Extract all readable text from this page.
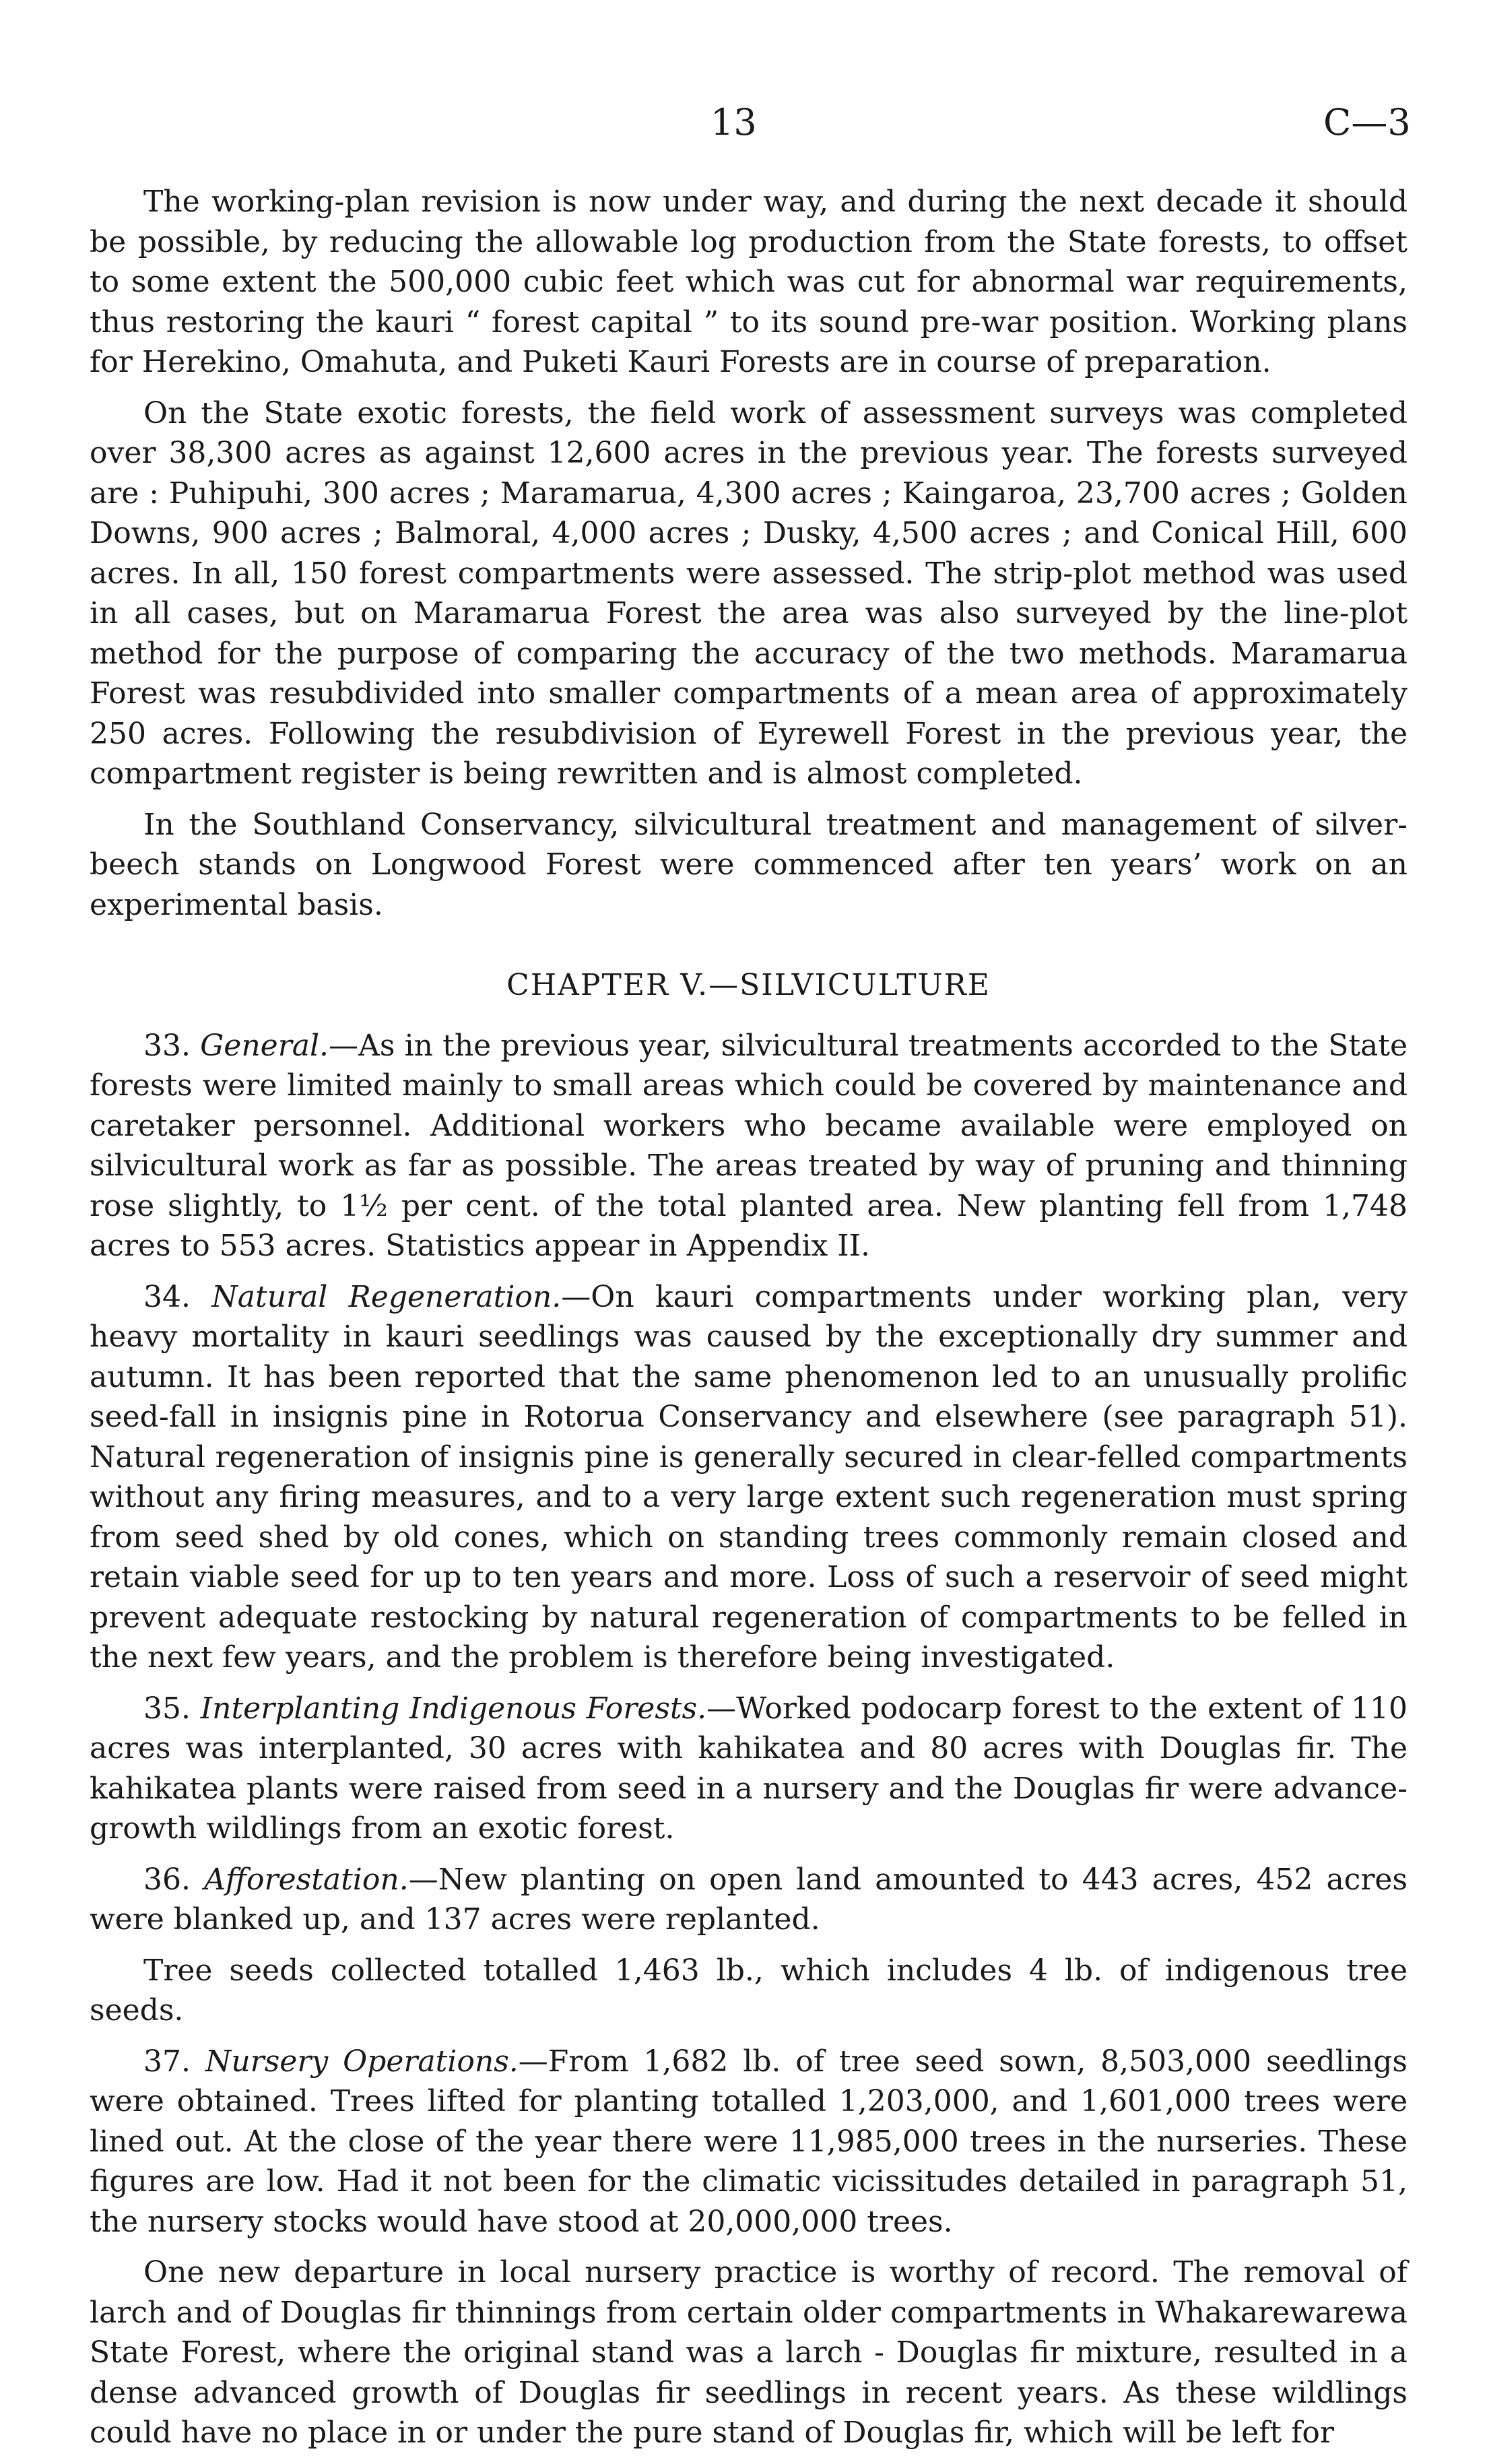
13	C—3

The working-plan revision is now under way, and during the next decade it should be possible, by reducing the allowable log production from the State forests, to offset to some extent the 500,000 cubic feet which was cut for abnormal war requirements, thus restoring the kauri “ forest capital ” to its sound pre-war position. Working plans for Herekino, Omahuta, and Puketi Kauri Forests are in course of preparation.

On the State exotic forests, the field work of assessment surveys was completed over 38,300 acres as against 12,600 acres in the previous year. The forests surveyed are : Puhipuhi, 300 acres ; Maramarua, 4,300 acres ; Kaingaroa, 23,700 acres ; Golden Downs, 900 acres ; Balmoral, 4,000 acres ; Dusky, 4,500 acres ; and Conical Hill, 600 acres. In all, 150 forest compartments were assessed. The strip-plot method was used in all cases, but on Maramarua Forest the area was also surveyed by the line-plot method for the purpose of comparing the accuracy of the two methods. Maramarua Forest was resubdivided into smaller compartments of a mean area of approximately 250 acres. Following the resubdivision of Eyrewell Forest in the previous year, the compartment register is being rewritten and is almost completed.

In the Southland Conservancy, silvicultural treatment and management of silver-beech stands on Longwood Forest were commenced after ten years’ work on an experimental basis.

CHAPTER V.—SILVICULTURE

33. General.—As in the previous year, silvicultural treatments accorded to the State forests were limited mainly to small areas which could be covered by maintenance and caretaker personnel. Additional workers who became available were employed on silvicultural work as far as possible. The areas treated by way of pruning and thinning rose slightly, to 1½ per cent. of the total planted area. New planting fell from 1,748 acres to 553 acres. Statistics appear in Appendix II.

34. Natural Regeneration.—On kauri compartments under working plan, very heavy mortality in kauri seedlings was caused by the exceptionally dry summer and autumn. It has been reported that the same phenomenon led to an unusually prolific seed-fall in insignis pine in Rotorua Conservancy and elsewhere (see paragraph 51). Natural regeneration of insignis pine is generally secured in clear-felled compartments without any firing measures, and to a very large extent such regeneration must spring from seed shed by old cones, which on standing trees commonly remain closed and retain viable seed for up to ten years and more. Loss of such a reservoir of seed might prevent adequate restocking by natural regeneration of compartments to be felled in the next few years, and the problem is therefore being investigated.

35. Interplanting Indigenous Forests.—Worked podocarp forest to the extent of 110 acres was interplanted, 30 acres with kahikatea and 80 acres with Douglas fir. The kahikatea plants were raised from seed in a nursery and the Douglas fir were advance-growth wildlings from an exotic forest.

36. Afforestation.—New planting on open land amounted to 443 acres, 452 acres were blanked up, and 137 acres were replanted.

Tree seeds collected totalled 1,463 lb., which includes 4 lb. of indigenous tree seeds.

37. Nursery Operations.—From 1,682 lb. of tree seed sown, 8,503,000 seedlings were obtained. Trees lifted for planting totalled 1,203,000, and 1,601,000 trees were lined out. At the close of the year there were 11,985,000 trees in the nurseries. These figures are low. Had it not been for the climatic vicissitudes detailed in paragraph 51, the nursery stocks would have stood at 20,000,000 trees.

One new departure in local nursery practice is worthy of record. The removal of larch and of Douglas fir thinnings from certain older compartments in Whakarewarewa State Forest, where the original stand was a larch - Douglas fir mixture, resulted in a dense advanced growth of Douglas fir seedlings in recent years. As these wildlings could have no place in or under the pure stand of Douglas fir, which will be left for
